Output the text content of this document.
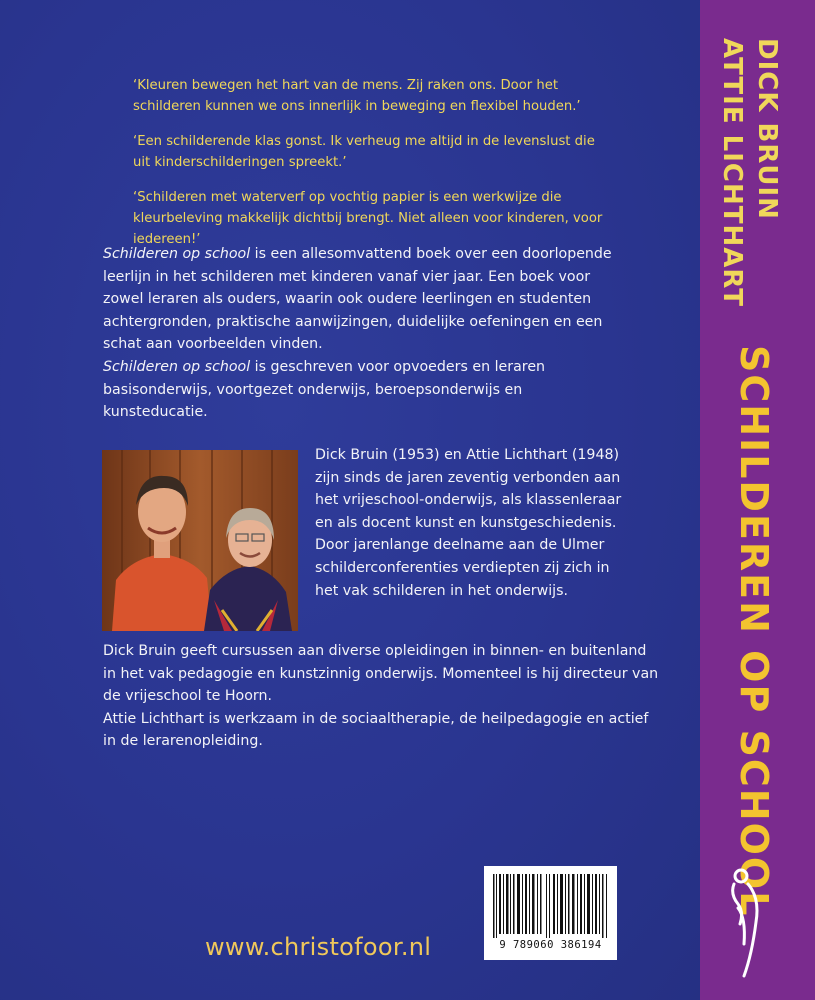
‘Kleuren bewegen het hart van de mens. Zij raken ons. Door het schilderen kunnen we ons innerlijk in beweging en flexibel houden.’

‘Een schilderende klas gonst. Ik verheug me altijd in de levenslust die uit kinderschilderingen spreekt.’

‘Schilderen met waterverf op vochtig papier is een werkwijze die kleurbeleving makkelijk dichtbij brengt. Niet alleen voor kinderen, voor iedereen!’

Schilderen op school is een allesomvattend boek over een doorlopende leerlijn in het schilderen met kinderen vanaf vier jaar. Een boek voor zowel leraren als ouders, waarin ook oudere leerlingen en studenten achtergronden, praktische aanwijzingen, duidelijke oefeningen en een schat aan voorbeelden vinden.

Schilderen op school is geschreven voor opvoeders en leraren basisonderwijs, voortgezet onderwijs, beroepsonderwijs en kunsteducatie.

Dick Bruin (1953) en Attie Lichthart (1948) zijn sinds de jaren zeventig verbonden aan het vrijeschool-onderwijs, als klassenleraar en als docent kunst en kunstgeschiedenis. Door jarenlange deelname aan de Ulmer schilderconferenties verdiepten zij zich in het vak schilderen in het onderwijs.

Dick Bruin geeft cursussen aan diverse opleidingen in binnen- en buitenland in het vak pedagogie en kunstzinnig onderwijs. Momenteel is hij directeur van de vrijeschool te Hoorn.

Attie Lichthart is werkzaam in de sociaaltherapie, de heilpedagogie en actief in de lerarenopleiding.

www.christofoor.nl	9 789060 386194
DICK BRUIN
ATTIE LICHTHART
SCHILDEREN OP SCHOOL
